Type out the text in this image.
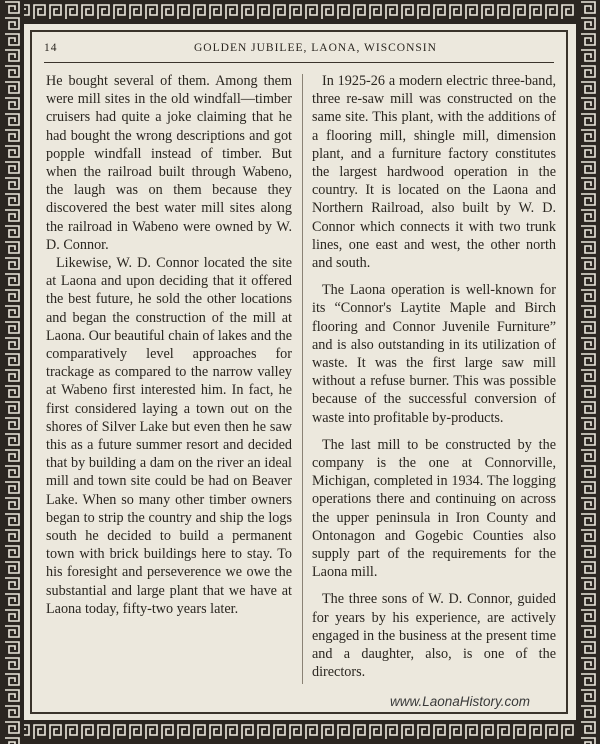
14	GOLDEN JUBILEE, LAONA, WISCONSIN

He bought several of them. Among them were mill sites in the old windfall—timber cruisers had quite a joke claiming that he had bought the wrong descriptions and got popple windfall instead of timber. But when the railroad built through Wabeno, the laugh was on them because they discovered the best water mill sites along the railroad in Wabeno were owned by W. D. Connor.

Likewise, W. D. Connor located the site at Laona and upon deciding that it offered the best future, he sold the other locations and began the construction of the mill at Laona. Our beautiful chain of lakes and the comparatively level approaches for trackage as compared to the narrow valley at Wabeno first interested him. In fact, he first considered laying a town out on the shores of Silver Lake but even then he saw this as a future summer resort and decided that by building a dam on the river an ideal mill and town site could be had on Beaver Lake. When so many other timber owners began to strip the country and ship the logs south he decided to build a permanent town with brick buildings here to stay. To his foresight and perseverence we owe the substantial and large plant that we have at Laona today, fifty-two years later.

In 1925-26 a modern electric three-band, three re-saw mill was constructed on the same site. This plant, with the additions of a flooring mill, shingle mill, dimension plant, and a furniture factory constitutes the largest hardwood operation in the country. It is located on the Laona and Northern Railroad, also built by W. D. Connor which connects it with two trunk lines, one east and west, the other north and south.

The Laona operation is well-known for its “Connor's Laytite Maple and Birch flooring and Connor Juvenile Furniture” and is also outstanding in its utilization of waste. It was the first large saw mill without a refuse burner. This was possible because of the successful conversion of waste into profitable by-products.

The last mill to be constructed by the company is the one at Connorville, Michigan, completed in 1934. The logging operations there and continuing on across the upper peninsula in Iron County and Ontonagon and Gogebic Counties also supply part of the requirements for the Laona mill.

The three sons of W. D. Connor, guided for years by his experience, are actively engaged in the business at the present time and a daughter, also, is one of the directors.

www.LaonaHistory.com
